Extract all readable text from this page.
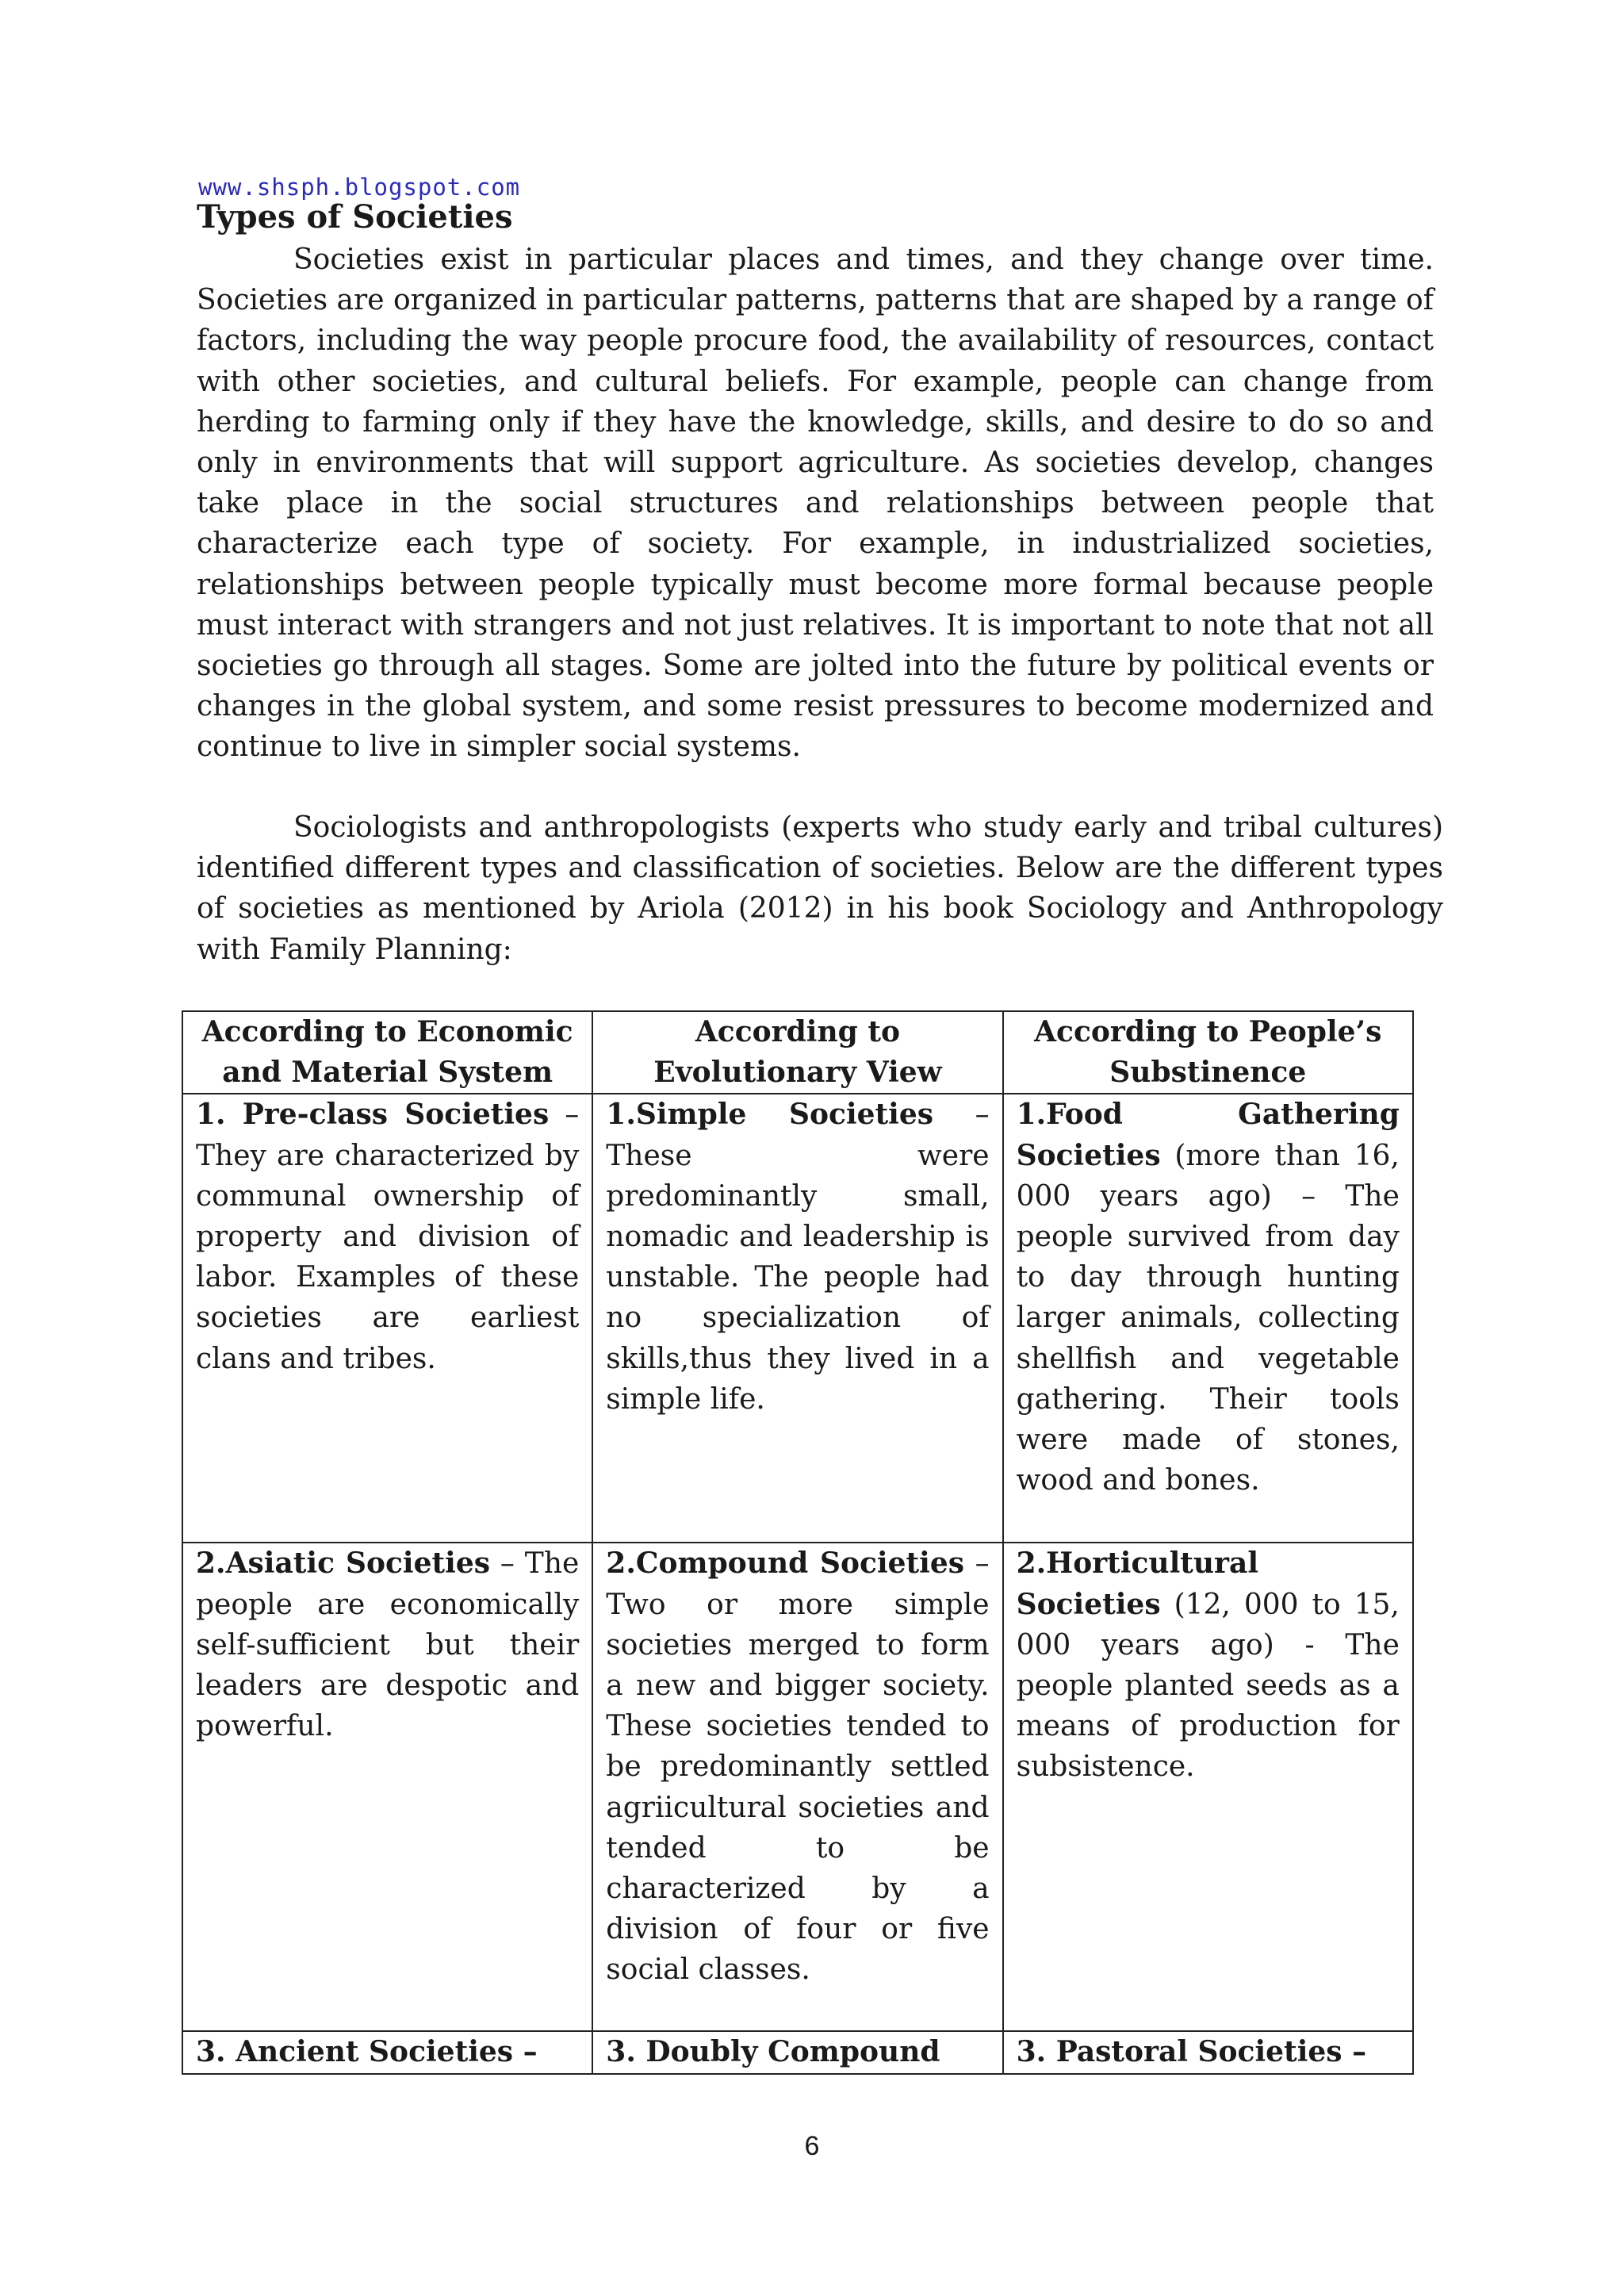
www.shsph.blogspot.com
Types of Societies

Societies exist in particular places and times, and they change over time. Societies are organized in particular patterns, patterns that are shaped by a range of factors, including the way people procure food, the availability of resources, contact with other societies, and cultural beliefs. For example, people can change from herding to farming only if they have the knowledge, skills, and desire to do so and only in environments that will support agriculture. As societies develop, changes take place in the social structures and relationships between people that characterize each type of society. For example, in industrialized societies, relationships between people typically must become more formal because people must interact with strangers and not just relatives. It is important to note that not all societies go through all stages. Some are jolted into the future by political events or changes in the global system, and some resist pressures to become modernized and continue to live in simpler social systems.

Sociologists and anthropologists (experts who study early and tribal cultures) identified different types and classification of societies. Below are the different types of societies as mentioned by Ariola (2012) in his book Sociology and Anthropology with Family Planning:

According to Economic and Material System	According to Evolutionary View	According to People’s Substinence
1. Pre-class Societies – They are characterized by communal ownership of property and division of labor. Examples of these societies are earliest clans and tribes.	1.Simple Societies – These were predominantly small, nomadic and leadership is unstable. The people had no specialization of skills,thus they lived in a simple life.	1.Food Gathering Societies (more than 16, 000 years ago) – The people survived from day to day through hunting larger animals, collecting shellfish and vegetable gathering. Their tools were made of stones, wood and bones.
2.Asiatic Societies – The people are economically self-sufficient but their leaders are despotic and powerful.	2.Compound Societies – Two or more simple societies merged to form a new and bigger society. These societies tended to be predominantly settled agriicultural societies and tended to be characterized by a division of four or five social classes.	2.Horticultural Societies (12, 000 to 15, 000 years ago) - The people planted seeds as a means of production for subsistence.
3. Ancient Societies –	3. Doubly Compound	3. Pastoral Societies –
6
